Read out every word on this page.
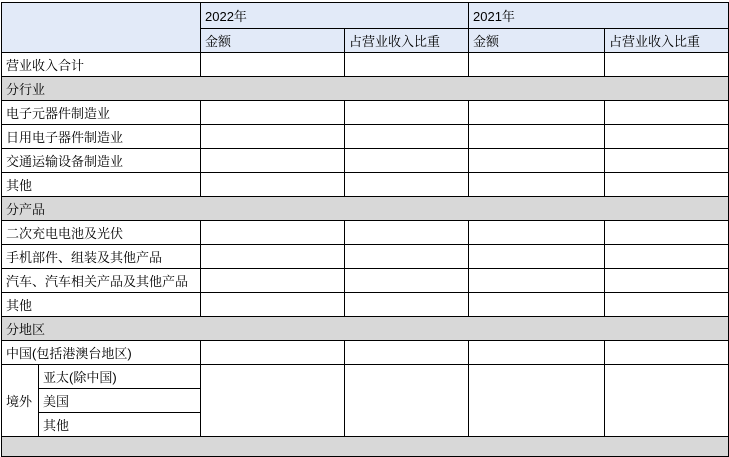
		2022年		2021年	
		金额	占营业收入比重	金额	占营业收入比重
营业收入合计					
分行业					
电子元器件制造业					
日用电子器件制造业					
交通运输设备制造业					
其他					
分产品					
二次充电电池及光伏					
手机部件、组装及其他产品					
汽车、汽车相关产品及其他产品					
其他					
分地区					
中国(包括港澳台地区)					
境外	亚太(除中国)				
	美国				
	其他				
